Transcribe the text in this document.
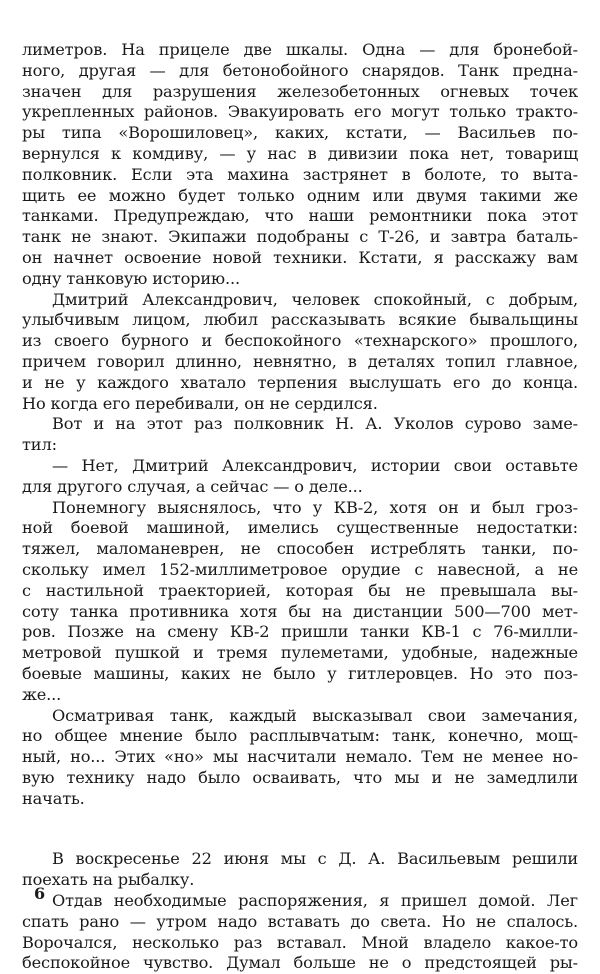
лиметров. На прицеле две шкалы. Одна — для бронебой-
ного, другая — для бетонобойного снарядов. Танк предна-
значен для разрушения железобетонных огневых точек
укрепленных районов. Эвакуировать его могут только тракто-
ры типа «Ворошиловец», каких, кстати, — Васильев по-
вернулся к комдиву, — у нас в дивизии пока нет, товарищ
полковник. Если эта махина застрянет в болоте, то выта-
щить ее можно будет только одним или двумя такими же
танками. Предупреждаю, что наши ремонтники пока этот
танк не знают. Экипажи подобраны с Т-26, и завтра баталь-
он начнет освоение новой техники. Кстати, я расскажу вам
одну танковую историю...
Дмитрий Александрович, человек спокойный, с добрым,
улыбчивым лицом, любил рассказывать всякие бывальщины
из своего бурного и беспокойного «технарского» прошлого,
причем говорил длинно, невнятно, в деталях топил главное,
и не у каждого хватало терпения выслушать его до конца.
Но когда его перебивали, он не сердился.
Вот и на этот раз полковник Н. А. Уколов сурово заме-
тил:
— Нет, Дмитрий Александрович, истории свои оставьте
для другого случая, а сейчас — о деле...
Понемногу выяснялось, что у КВ-2, хотя он и был гроз-
ной боевой машиной, имелись существенные недостатки:
тяжел, маломаневрен, не способен истреблять танки, по-
скольку имел 152-миллиметровое орудие с навесной, а не
с настильной траекторией, которая бы не превышала вы-
соту танка противника хотя бы на дистанции 500—700 мет-
ров. Позже на смену КВ-2 пришли танки КВ-1 с 76-милли-
метровой пушкой и тремя пулеметами, удобные, надежные
боевые машины, каких не было у гитлеровцев. Но это поз-
же...
Осматривая танк, каждый высказывал свои замечания,
но общее мнение было расплывчатым: танк, конечно, мощ-
ный, но... Этих «но» мы насчитали немало. Тем не менее но-
вую технику надо было осваивать, что мы и не замедлили
начать.
В воскресенье 22 июня мы с Д. А. Васильевым решили
поехать на рыбалку.
Отдав необходимые распоряжения, я пришел домой. Лег
спать рано — утром надо вставать до света. Но не спалось.
Ворочался, несколько раз вставал. Мной владело какое-то
беспокойное чувство. Думал больше не о предстоящей ры-
6
